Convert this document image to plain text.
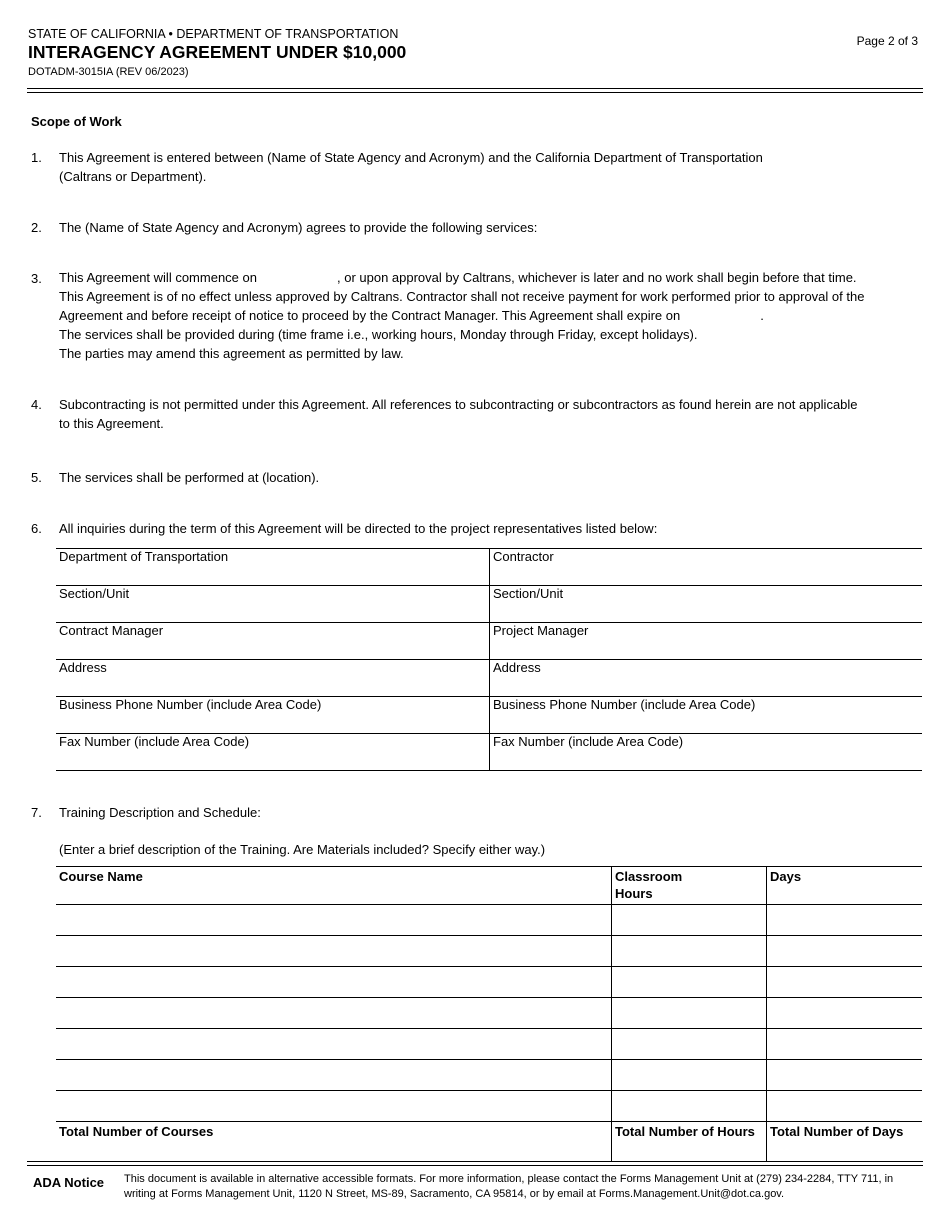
STATE OF CALIFORNIA • DEPARTMENT OF TRANSPORTATION
INTERAGENCY AGREEMENT UNDER $10,000
DOTADM-3015IA (REV 06/2023)
Page 2 of 3
Scope of Work
1. This Agreement is entered between (Name of State Agency and Acronym) and the California Department of Transportation
(Caltrans or Department).
2. The (Name of State Agency and Acronym) agrees to provide the following services:
3. This Agreement will commence on	, or upon approval by Caltrans, whichever is later and no work shall begin before that time.
This Agreement is of no effect unless approved by Caltrans. Contractor shall not receive payment for work performed prior to approval of the
Agreement and before receipt of notice to proceed by the Contract Manager. This Agreement shall expire on	.
The services shall be provided during (time frame i.e., working hours, Monday through Friday, except holidays).
The parties may amend this agreement as permitted by law.
4. Subcontracting is not permitted under this Agreement. All references to subcontracting or subcontractors as found herein are not applicable
to this Agreement.
5. The services shall be performed at (location).
6. All inquiries during the term of this Agreement will be directed to the project representatives listed below:
Department of Transportation	Contractor
Section/Unit	Section/Unit
Contract Manager	Project Manager
Address	Address
Business Phone Number (include Area Code)	Business Phone Number (include Area Code)
Fax Number (include Area Code)	Fax Number (include Area Code)
7. Training Description and Schedule:
(Enter a brief description of the Training. Are Materials included? Specify either way.)
Course Name	Classroom Hours	Days

Total Number of Courses	Total Number of Hours	Total Number of Days
ADA Notice This document is available in alternative accessible formats. For more information, please contact the Forms Management Unit at (279) 234-2284, TTY 711, in writing at Forms Management Unit, 1120 N Street, MS-89, Sacramento, CA 95814, or by email at Forms.Management.Unit@dot.ca.gov.
